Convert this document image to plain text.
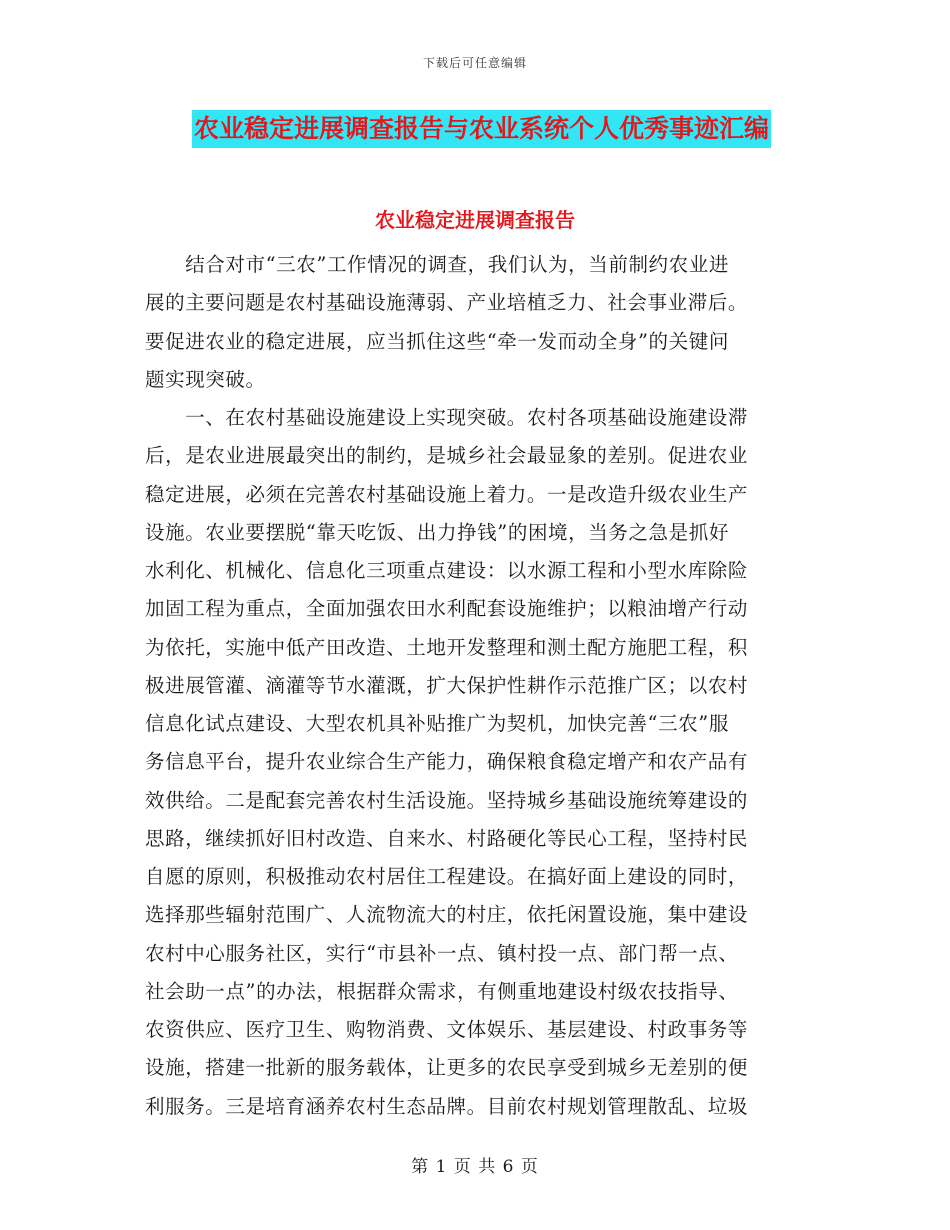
下载后可任意编辑
农业稳定进展调查报告与农业系统个人优秀事迹汇编
农业稳定进展调查报告
　　结合对市“三农”工作情况的调查，我们认为，当前制约农业进
展的主要问题是农村基础设施薄弱、产业培植乏力、社会事业滞后。
要促进农业的稳定进展，应当抓住这些“牵一发而动全身”的关键问
题实现突破。
　　一、在农村基础设施建设上实现突破。农村各项基础设施建设滞
后，是农业进展最突出的制约，是城乡社会最显象的差别。促进农业
稳定进展，必须在完善农村基础设施上着力。一是改造升级农业生产
设施。农业要摆脱“靠天吃饭、出力挣钱”的困境，当务之急是抓好
水利化、机械化、信息化三项重点建设：以水源工程和小型水库除险
加固工程为重点，全面加强农田水利配套设施维护；以粮油增产行动
为依托，实施中低产田改造、土地开发整理和测土配方施肥工程，积
极进展管灌、滴灌等节水灌溉，扩大保护性耕作示范推广区；以农村
信息化试点建设、大型农机具补贴推广为契机，加快完善“三农”服
务信息平台，提升农业综合生产能力，确保粮食稳定增产和农产品有
效供给。二是配套完善农村生活设施。坚持城乡基础设施统筹建设的
思路，继续抓好旧村改造、自来水、村路硬化等民心工程，坚持村民
自愿的原则，积极推动农村居住工程建设。在搞好面上建设的同时，
选择那些辐射范围广、人流物流大的村庄，依托闲置设施，集中建设
农村中心服务社区，实行“市县补一点、镇村投一点、部门帮一点、
社会助一点”的办法，根据群众需求，有侧重地建设村级农技指导、
农资供应、医疗卫生、购物消费、文体娱乐、基层建设、村政事务等
设施，搭建一批新的服务载体，让更多的农民享受到城乡无差别的便
利服务。三是培育涵养农村生态品牌。目前农村规划管理散乱、垃圾
第 1 页 共 6 页
